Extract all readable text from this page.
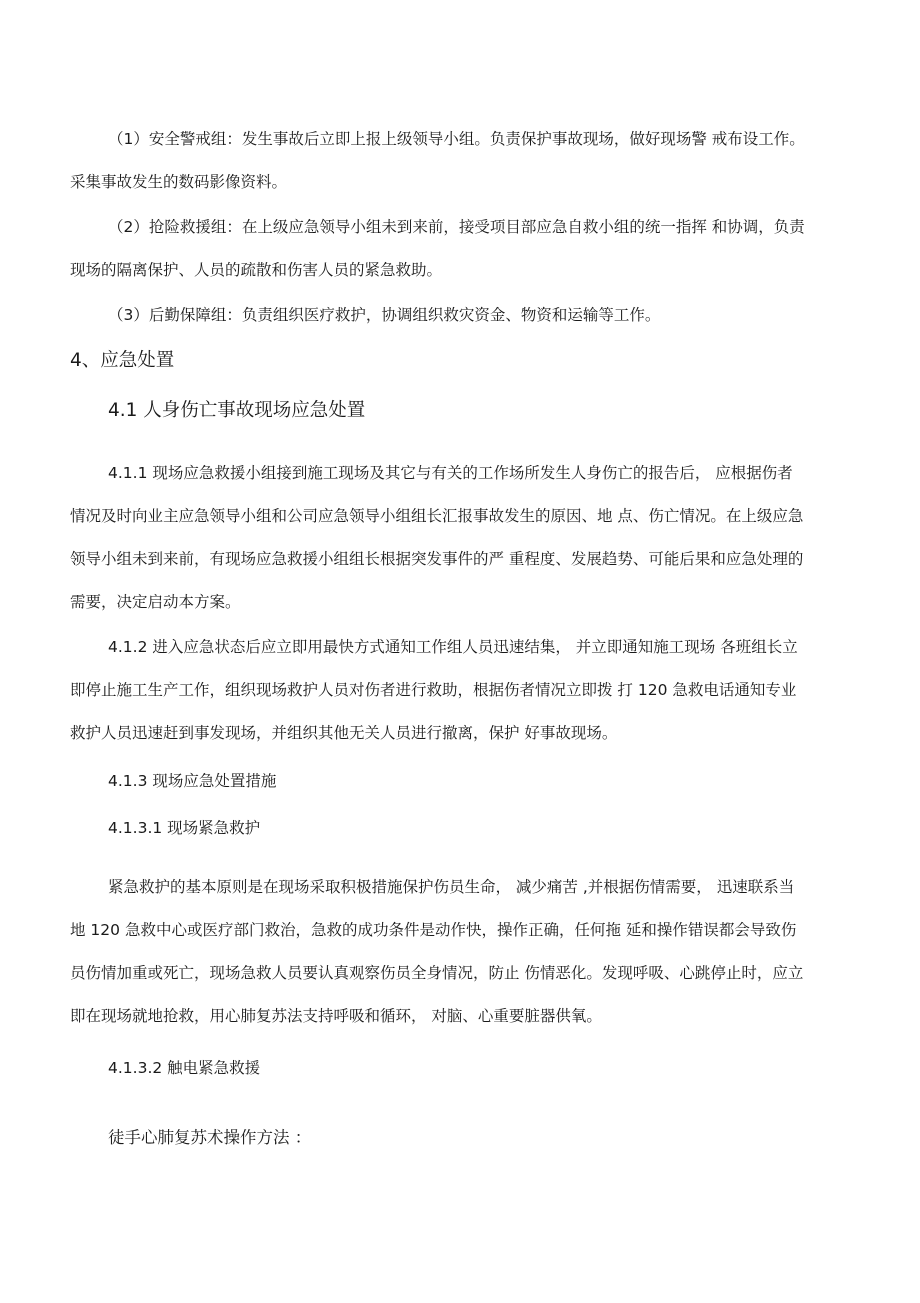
（1）安全警戒组：发生事故后立即上报上级领导小组。负责保护事故现场，做好现场警 戒布设工作。
采集事故发生的数码影像资料。

（2）抢险救援组：在上级应急领导小组未到来前，接受项目部应急自救小组的统一指挥 和协调，负责
现场的隔离保护、人员的疏散和伤害人员的紧急救助。

（3）后勤保障组：负责组织医疗救护，协调组织救灾资金、物资和运输等工作。

4、应急处置
4.1 人身伤亡事故现场应急处置

4.1.1 现场应急救援小组接到施工现场及其它与有关的工作场所发生人身伤亡的报告后， 应根据伤者
情况及时向业主应急领导小组和公司应急领导小组组长汇报事故发生的原因、地 点、伤亡情况。在上级应急
领导小组未到来前，有现场应急救援小组组长根据突发事件的严 重程度、发展趋势、可能后果和应急处理的
需要，决定启动本方案。

4.1.2 进入应急状态后应立即用最快方式通知工作组人员迅速结集， 并立即通知施工现场 各班组长立
即停止施工生产工作，组织现场救护人员对伤者进行救助，根据伤者情况立即拨 打 120 急救电话通知专业
救护人员迅速赶到事发现场，并组织其他无关人员进行撤离，保护 好事故现场。

4.1.3 现场应急处置措施

4.1.3.1 现场紧急救护

紧急救护的基本原则是在现场采取积极措施保护伤员生命， 减少痛苦 ,并根据伤情需要， 迅速联系当
地 120 急救中心或医疗部门救治，急救的成功条件是动作快，操作正确，任何拖 延和操作错误都会导致伤
员伤情加重或死亡，现场急救人员要认真观察伤员全身情况，防止 伤情恶化。发现呼吸、心跳停止时，应立
即在现场就地抢救，用心肺复苏法支持呼吸和循环， 对脑、心重要脏器供氧。

4.1.3.2 触电紧急救援

徒手心肺复苏术操作方法 ：
